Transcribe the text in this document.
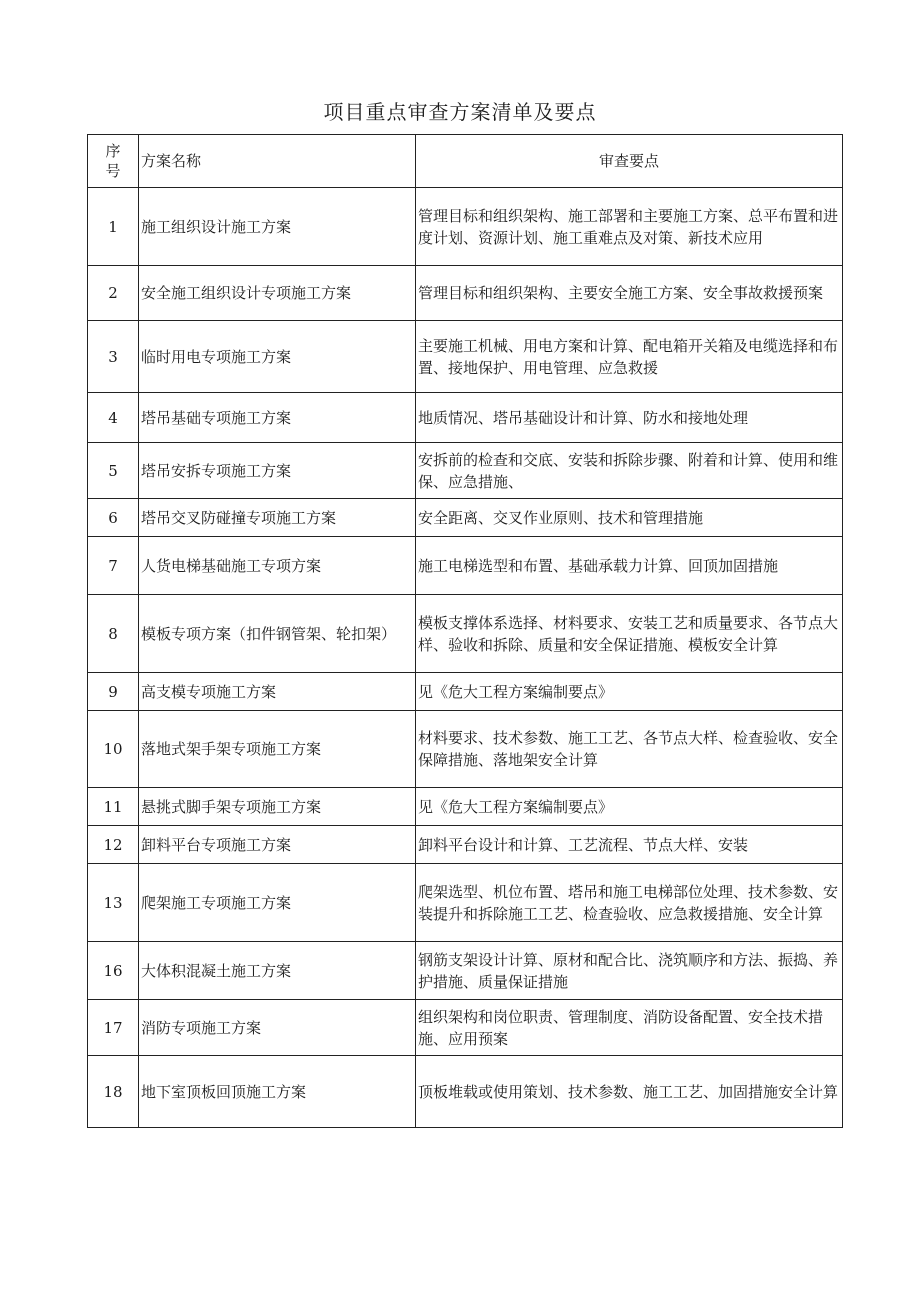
项目重点审查方案清单及要点
序号	方案名称	审查要点
1	施工组织设计施工方案	管理目标和组织架构、施工部署和主要施工方案、总平布置和进度计划、资源计划、施工重难点及对策、新技术应用
2	安全施工组织设计专项施工方案	管理目标和组织架构、主要安全施工方案、安全事故救援预案
3	临时用电专项施工方案	主要施工机械、用电方案和计算、配电箱开关箱及电缆选择和布置、接地保护、用电管理、应急救援
4	塔吊基础专项施工方案	地质情况、塔吊基础设计和计算、防水和接地处理
5	塔吊安拆专项施工方案	安拆前的检查和交底、安装和拆除步骤、附着和计算、使用和维保、应急措施、
6	塔吊交叉防碰撞专项施工方案	安全距离、交叉作业原则、技术和管理措施
7	人货电梯基础施工专项方案	施工电梯选型和布置、基础承载力计算、回顶加固措施
8	模板专项方案（扣件钢管架、轮扣架）	模板支撑体系选择、材料要求、安装工艺和质量要求、各节点大样、验收和拆除、质量和安全保证措施、模板安全计算
9	高支模专项施工方案	见《危大工程方案编制要点》
10	落地式架手架专项施工方案	材料要求、技术参数、施工工艺、各节点大样、检查验收、安全保障措施、落地架安全计算
11	悬挑式脚手架专项施工方案	见《危大工程方案编制要点》
12	卸料平台专项施工方案	卸料平台设计和计算、工艺流程、节点大样、安装
13	爬架施工专项施工方案	爬架选型、机位布置、塔吊和施工电梯部位处理、技术参数、安装提升和拆除施工工艺、检查验收、应急救援措施、安全计算
16	大体积混凝土施工方案	钢筋支架设计计算、原材和配合比、浇筑顺序和方法、振捣、养护措施、质量保证措施
17	消防专项施工方案	组织架构和岗位职责、管理制度、消防设备配置、安全技术措施、应用预案
18	地下室顶板回顶施工方案	顶板堆载或使用策划、技术参数、施工工艺、加固措施安全计算
